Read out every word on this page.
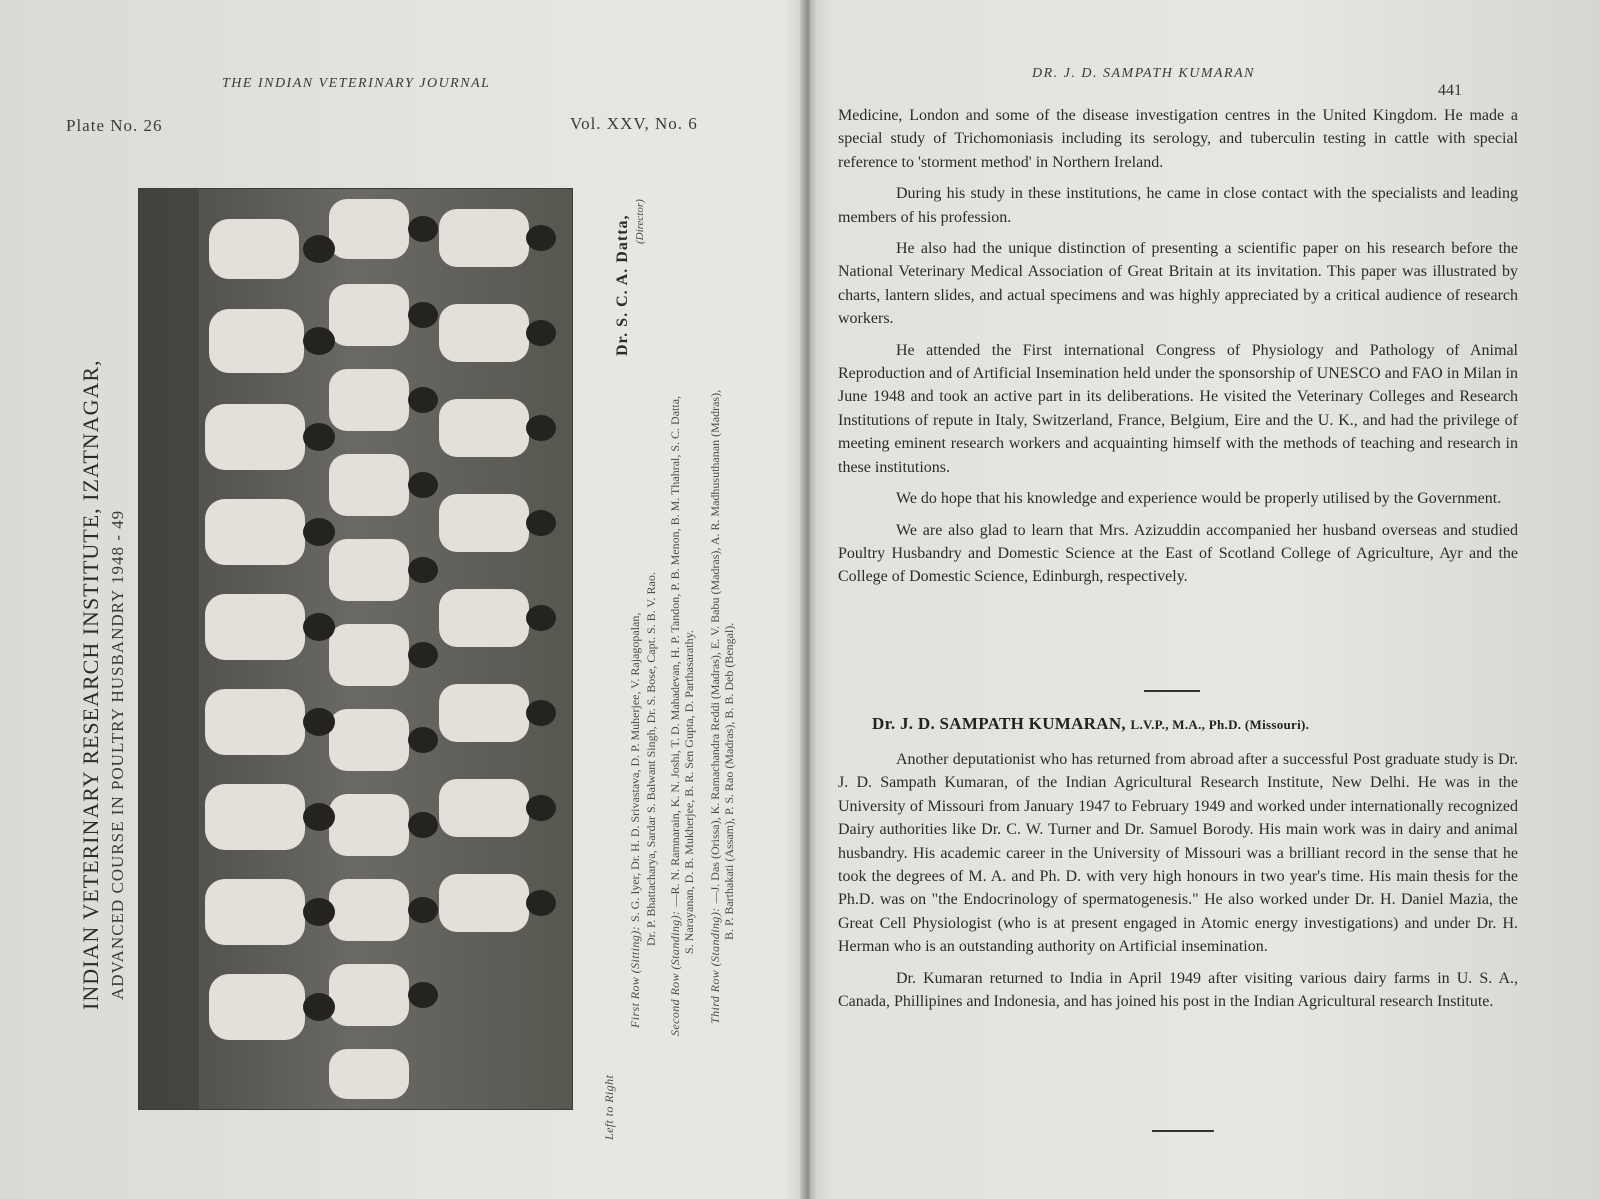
THE INDIAN VETERINARY JOURNAL
Plate No. 26	Vol. XXV, No. 6
INDIAN VETERINARY RESEARCH INSTITUTE, IZATNAGAR, ADVANCED COURSE IN POULTRY HUSBANDRY 1948 - 49
Left to Right
First Row (Sitting): S. G. Iyer, Dr. H. D. Srivastava, D. P. Muherjee, V. Rajagopalan, Dr. P. Bhattacharya, Sardar S. Balwant Singh, Dr. S. Bose, Capt. S. B. V. Rao.
Second Row (Standing): —R. N. Ramnarain, K. N. Joshi, T. D. Mahadevan, H. P. Tandon, P. B. Menon, B. M. Thahral, S. C. Datta, S. Narayanan, D. B. Mukherjee, B. R. Sen Gupta, D. Parthasarathy.
Third Row (Standing): —J. Das (Orissa), K. Ramachandra Reddi (Madras), E. V. Babu (Madras), A. R. Madhusuthanan (Madras), B. P. Barthakati (Assam), P. S. Rao (Madras), B. B. Deb (Bengal).
Dr. S. C. A. Datta, (Director)
DR. J. D. SAMPATH KUMARAN
441

Medicine, London and some of the disease investigation centres in the United Kingdom. He made a special study of Trichomoniasis including its serology, and tuberculin testing in cattle with special reference to 'storment method' in Northern Ireland.

During his study in these institutions, he came in close contact with the specialists and leading members of his profession.

He also had the unique distinction of presenting a scientific paper on his research before the National Veterinary Medical Association of Great Britain at its invitation. This paper was illustrated by charts, lantern slides, and actual specimens and was highly appreciated by a critical audience of research workers.

He attended the First international Congress of Physiology and Pathology of Animal Reproduction and of Artificial Insemination held under the sponsorship of UNESCO and FAO in Milan in June 1948 and took an active part in its deliberations. He visited the Veterinary Colleges and Research Institutions of repute in Italy, Switzerland, France, Belgium, Eire and the U. K., and had the privilege of meeting eminent research workers and acquainting himself with the methods of teaching and research in these institutions.

We do hope that his knowledge and experience would be properly utilised by the Government.

We are also glad to learn that Mrs. Azizuddin accompanied her husband overseas and studied Poultry Husbandry and Domestic Science at the East of Scotland College of Agriculture, Ayr and the College of Domestic Science, Edinburgh, respectively.

Dr. J. D. SAMPATH KUMARAN, L.V.P., M.A., Ph.D. (Missouri).

Another deputationist who has returned from abroad after a successful Post graduate study is Dr. J. D. Sampath Kumaran, of the Indian Agricultural Research Institute, New Delhi. He was in the University of Missouri from January 1947 to February 1949 and worked under internationally recognized Dairy authorities like Dr. C. W. Turner and Dr. Samuel Borody. His main work was in dairy and animal husbandry. His academic career in the University of Missouri was a brilliant record in the sense that he took the degrees of M. A. and Ph. D. with very high honours in two year's time. His main thesis for the Ph.D. was on "the Endocrinology of spermatogenesis." He also worked under Dr. H. Daniel Mazia, the Great Cell Physiologist (who is at present engaged in Atomic energy investigations) and under Dr. H. Herman who is an outstanding authority on Artificial insemination.

Dr. Kumaran returned to India in April 1949 after visiting various dairy farms in U. S. A., Canada, Phillipines and Indonesia, and has joined his post in the Indian Agricultural research Institute.
